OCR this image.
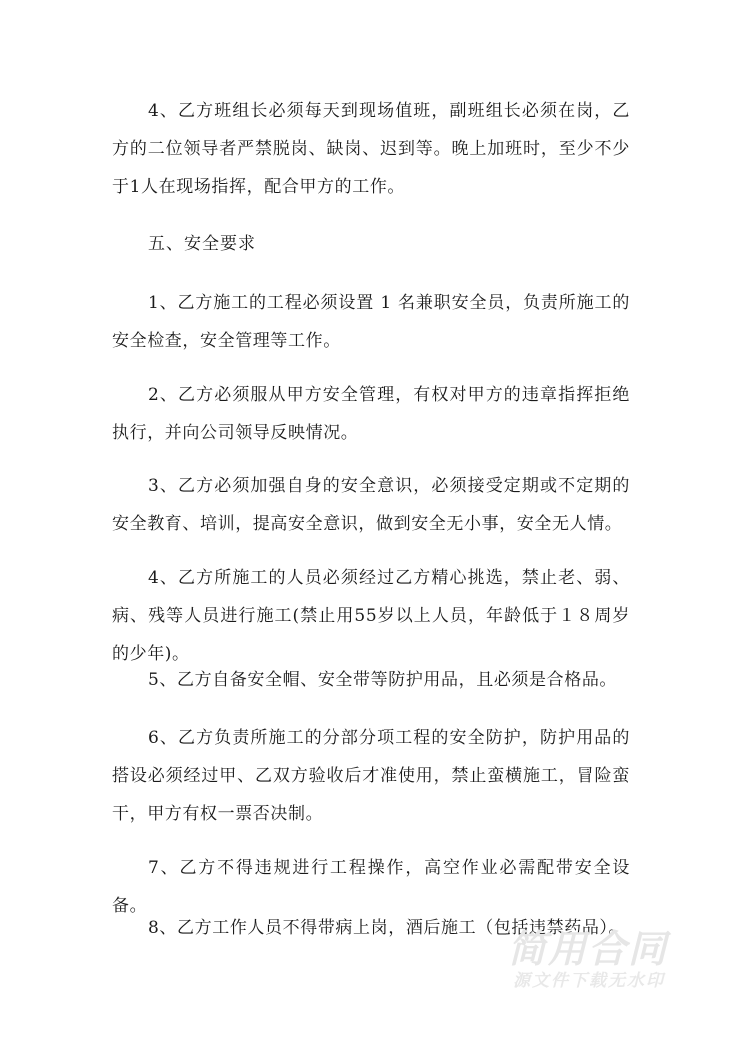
4、乙方班组长必须每天到现场值班，副班组长必须在岗，乙方的二位领导者严禁脱岗、缺岗、迟到等。晚上加班时，至少不少于1人在现场指挥，配合甲方的工作。

五、安全要求

1、乙方施工的工程必须设置 1 名兼职安全员，负责所施工的安全检查，安全管理等工作。

2、乙方必须服从甲方安全管理，有权对甲方的违章指挥拒绝执行，并向公司领导反映情况。

3、乙方必须加强自身的安全意识，必须接受定期或不定期的安全教育、培训，提高安全意识，做到安全无小事，安全无人情。

4、乙方所施工的人员必须经过乙方精心挑选，禁止老、弱、病、残等人员进行施工(禁止用55岁以上人员，年龄低于１８周岁的少年)。

5、乙方自备安全帽、安全带等防护用品，且必须是合格品。

6、乙方负责所施工的分部分项工程的安全防护，防护用品的搭设必须经过甲、乙双方验收后才准使用，禁止蛮横施工，冒险蛮干，甲方有权一票否决制。

7、乙方不得违规进行工程操作，高空作业必需配带安全设备。

8、乙方工作人员不得带病上岗，酒后施工（包括违禁药品）。

简用合同
源文件下载无水印
